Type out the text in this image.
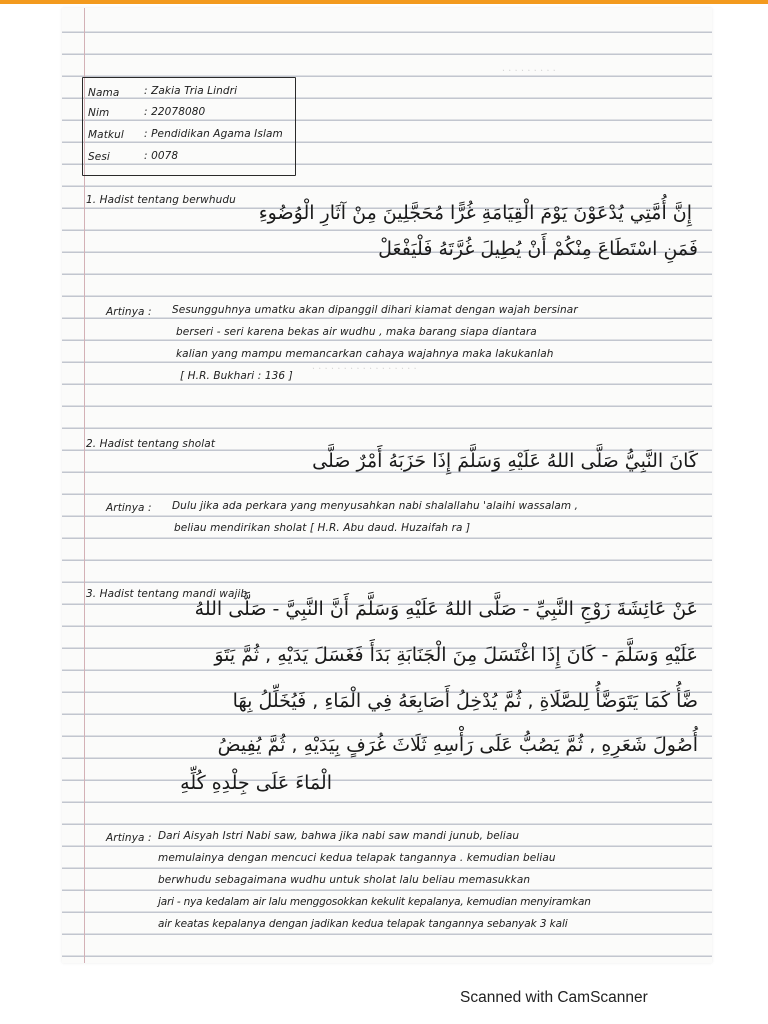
· · · · · · · · ·
· · · · · · · · · · · · · · · · ·
Nama : Zakia Tria Lindri
Nim	: 22078080
Matkul : Pendidikan Agama Islam
Sesi	: 0078
1. Hadist tentang berwhudu
إِنَّ أُمَّتِي يُدْعَوْنَ يَوْمَ الْقِيَامَةِ غُرًّا مُحَجَّلِينَ مِنْ آثَارِ الْوُضُوءِ
فَمَنِ اسْتَطَاعَ مِنْكُمْ أَنْ يُطِيلَ غُرَّتَهُ فَلْيَفْعَلْ
Artinya : Sesungguhnya umatku akan dipanggil dihari kiamat dengan wajah bersinar
berseri - seri karena bekas air wudhu , maka barang siapa diantara
kalian yang mampu memancarkan cahaya wajahnya maka lakukanlah
[ H.R. Bukhari : 136 ]
2. Hadist tentang sholat
كَانَ النَّبِيُّ صَلَّى اللهُ عَلَيْهِ وَسَلَّمَ إِذَا حَزَبَهُ أَمْرٌ صَلَّى
Artinya : Dulu jika ada perkara yang menyusahkan nabi shalallahu 'alaihi wassalam ,
beliau mendirikan sholat [ H.R. Abu daud. Huzaifah ra ]
3. Hadist tentang mandi wajib
عَنْ عَائِشَةَ زَوْجِ النَّبِيِّ - صَلَّى اللهُ عَلَيْهِ وَسَلَّمَ أَنَّ النَّبِيَّ - صَلَّى اللهُ
عَلَيْهِ وَسَلَّمَ - كَانَ إِذَا اغْتَسَلَ مِنَ الْجَنَابَةِ بَدَأَ فَغَسَلَ يَدَيْهِ , ثُمَّ يَتَوَ
ضَّأُ كَمَا يَتَوَضَّأُ لِلصَّلَاةِ , ثُمَّ يُدْخِلُ أَصَابِعَهُ فِي الْمَاءِ , فَيُخَلِّلُ بِهَا
أُصُولَ شَعَرِهِ , ثُمَّ يَصُبُّ عَلَى رَأْسِهِ ثَلَاثَ غُرَفٍ بِيَدَيْهِ , ثُمَّ يُفِيضُ
الْمَاءَ عَلَى جِلْدِهِ كُلِّهِ
Artinya : Dari Aisyah Istri Nabi saw, bahwa jika nabi saw mandi junub, beliau
memulainya dengan mencuci kedua telapak tangannya . kemudian beliau
berwhudu sebagaimana wudhu untuk sholat lalu beliau memasukkan
jari - nya kedalam air lalu menggosokkan kekulit kepalanya, kemudian menyiramkan
air keatas kepalanya dengan jadikan kedua telapak tangannya sebanyak 3 kali
Scanned with CamScanner
